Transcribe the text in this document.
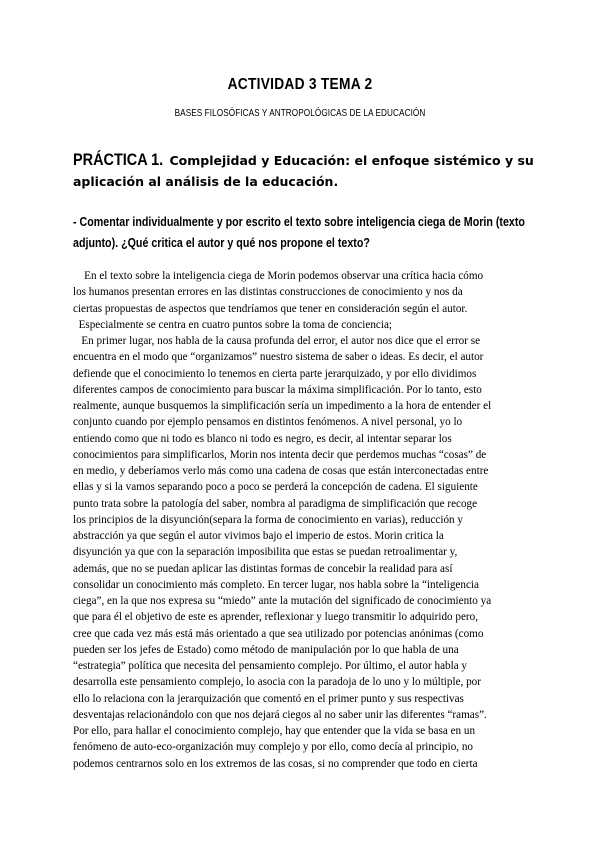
ACTIVIDAD 3 TEMA 2
BASES FILOSÓFICAS Y ANTROPOLÓGICAS DE LA EDUCACIÓN
PRÁCTICA 1. Complejidad y Educación: el enfoque sistémico y su
aplicación al análisis de la educación.
- Comentar individualmente y por escrito el texto sobre inteligencia ciega de Morin (texto
adjunto). ¿Qué critica el autor y qué nos propone el texto?
En el texto sobre la inteligencia ciega de Morin podemos observar una crítica hacia cómo
los humanos presentan errores en las distintas construcciones de conocimiento y nos da
ciertas propuestas de aspectos que tendríamos que tener en consideración según el autor.
Especialmente se centra en cuatro puntos sobre la toma de conciencia;
En primer lugar, nos habla de la causa profunda del error, el autor nos dice que el error se
encuentra en el modo que “organizamos” nuestro sistema de saber o ideas. Es decir, el autor
defiende que el conocimiento lo tenemos en cierta parte jerarquizado, y por ello dividimos
diferentes campos de conocimiento para buscar la máxima simplificación. Por lo tanto, esto
realmente, aunque busquemos la simplificación sería un impedimento a la hora de entender el
conjunto cuando por ejemplo pensamos en distintos fenómenos. A nivel personal, yo lo
entiendo como que ni todo es blanco ni todo es negro, es decir, al intentar separar los
conocimientos para simplificarlos, Morin nos intenta decir que perdemos muchas “cosas” de
en medio, y deberíamos verlo más como una cadena de cosas que están interconectadas entre
ellas y si la vamos separando poco a poco se perderá la concepción de cadena. El siguiente
punto trata sobre la patología del saber, nombra al paradigma de simplificación que recoge
los principios de la disyunción(separa la forma de conocimiento en varias), reducción y
abstracción ya que según el autor vivimos bajo el imperio de estos. Morin critica la
disyunción ya que con la separación imposibilita que estas se puedan retroalimentar y,
además, que no se puedan aplicar las distintas formas de concebir la realidad para así
consolidar un conocimiento más completo. En tercer lugar, nos habla sobre la “inteligencia
ciega”, en la que nos expresa su “miedo” ante la mutación del significado de conocimiento ya
que para él el objetivo de este es aprender, reflexionar y luego transmitir lo adquirido pero,
cree que cada vez más está más orientado a que sea utilizado por potencias anónimas (como
pueden ser los jefes de Estado) como método de manipulación por lo que habla de una
“estrategia” política que necesita del pensamiento complejo. Por último, el autor habla y
desarrolla este pensamiento complejo, lo asocia con la paradoja de lo uno y lo múltiple, por
ello lo relaciona con la jerarquización que comentó en el primer punto y sus respectivas
desventajas relacionándolo con que nos dejará ciegos al no saber unir las diferentes “ramas”.
Por ello, para hallar el conocimiento complejo, hay que entender que la vida se basa en un
fenómeno de auto-eco-organización muy complejo y por ello, como decía al principio, no
podemos centrarnos solo en los extremos de las cosas, si no comprender que todo en cierta
